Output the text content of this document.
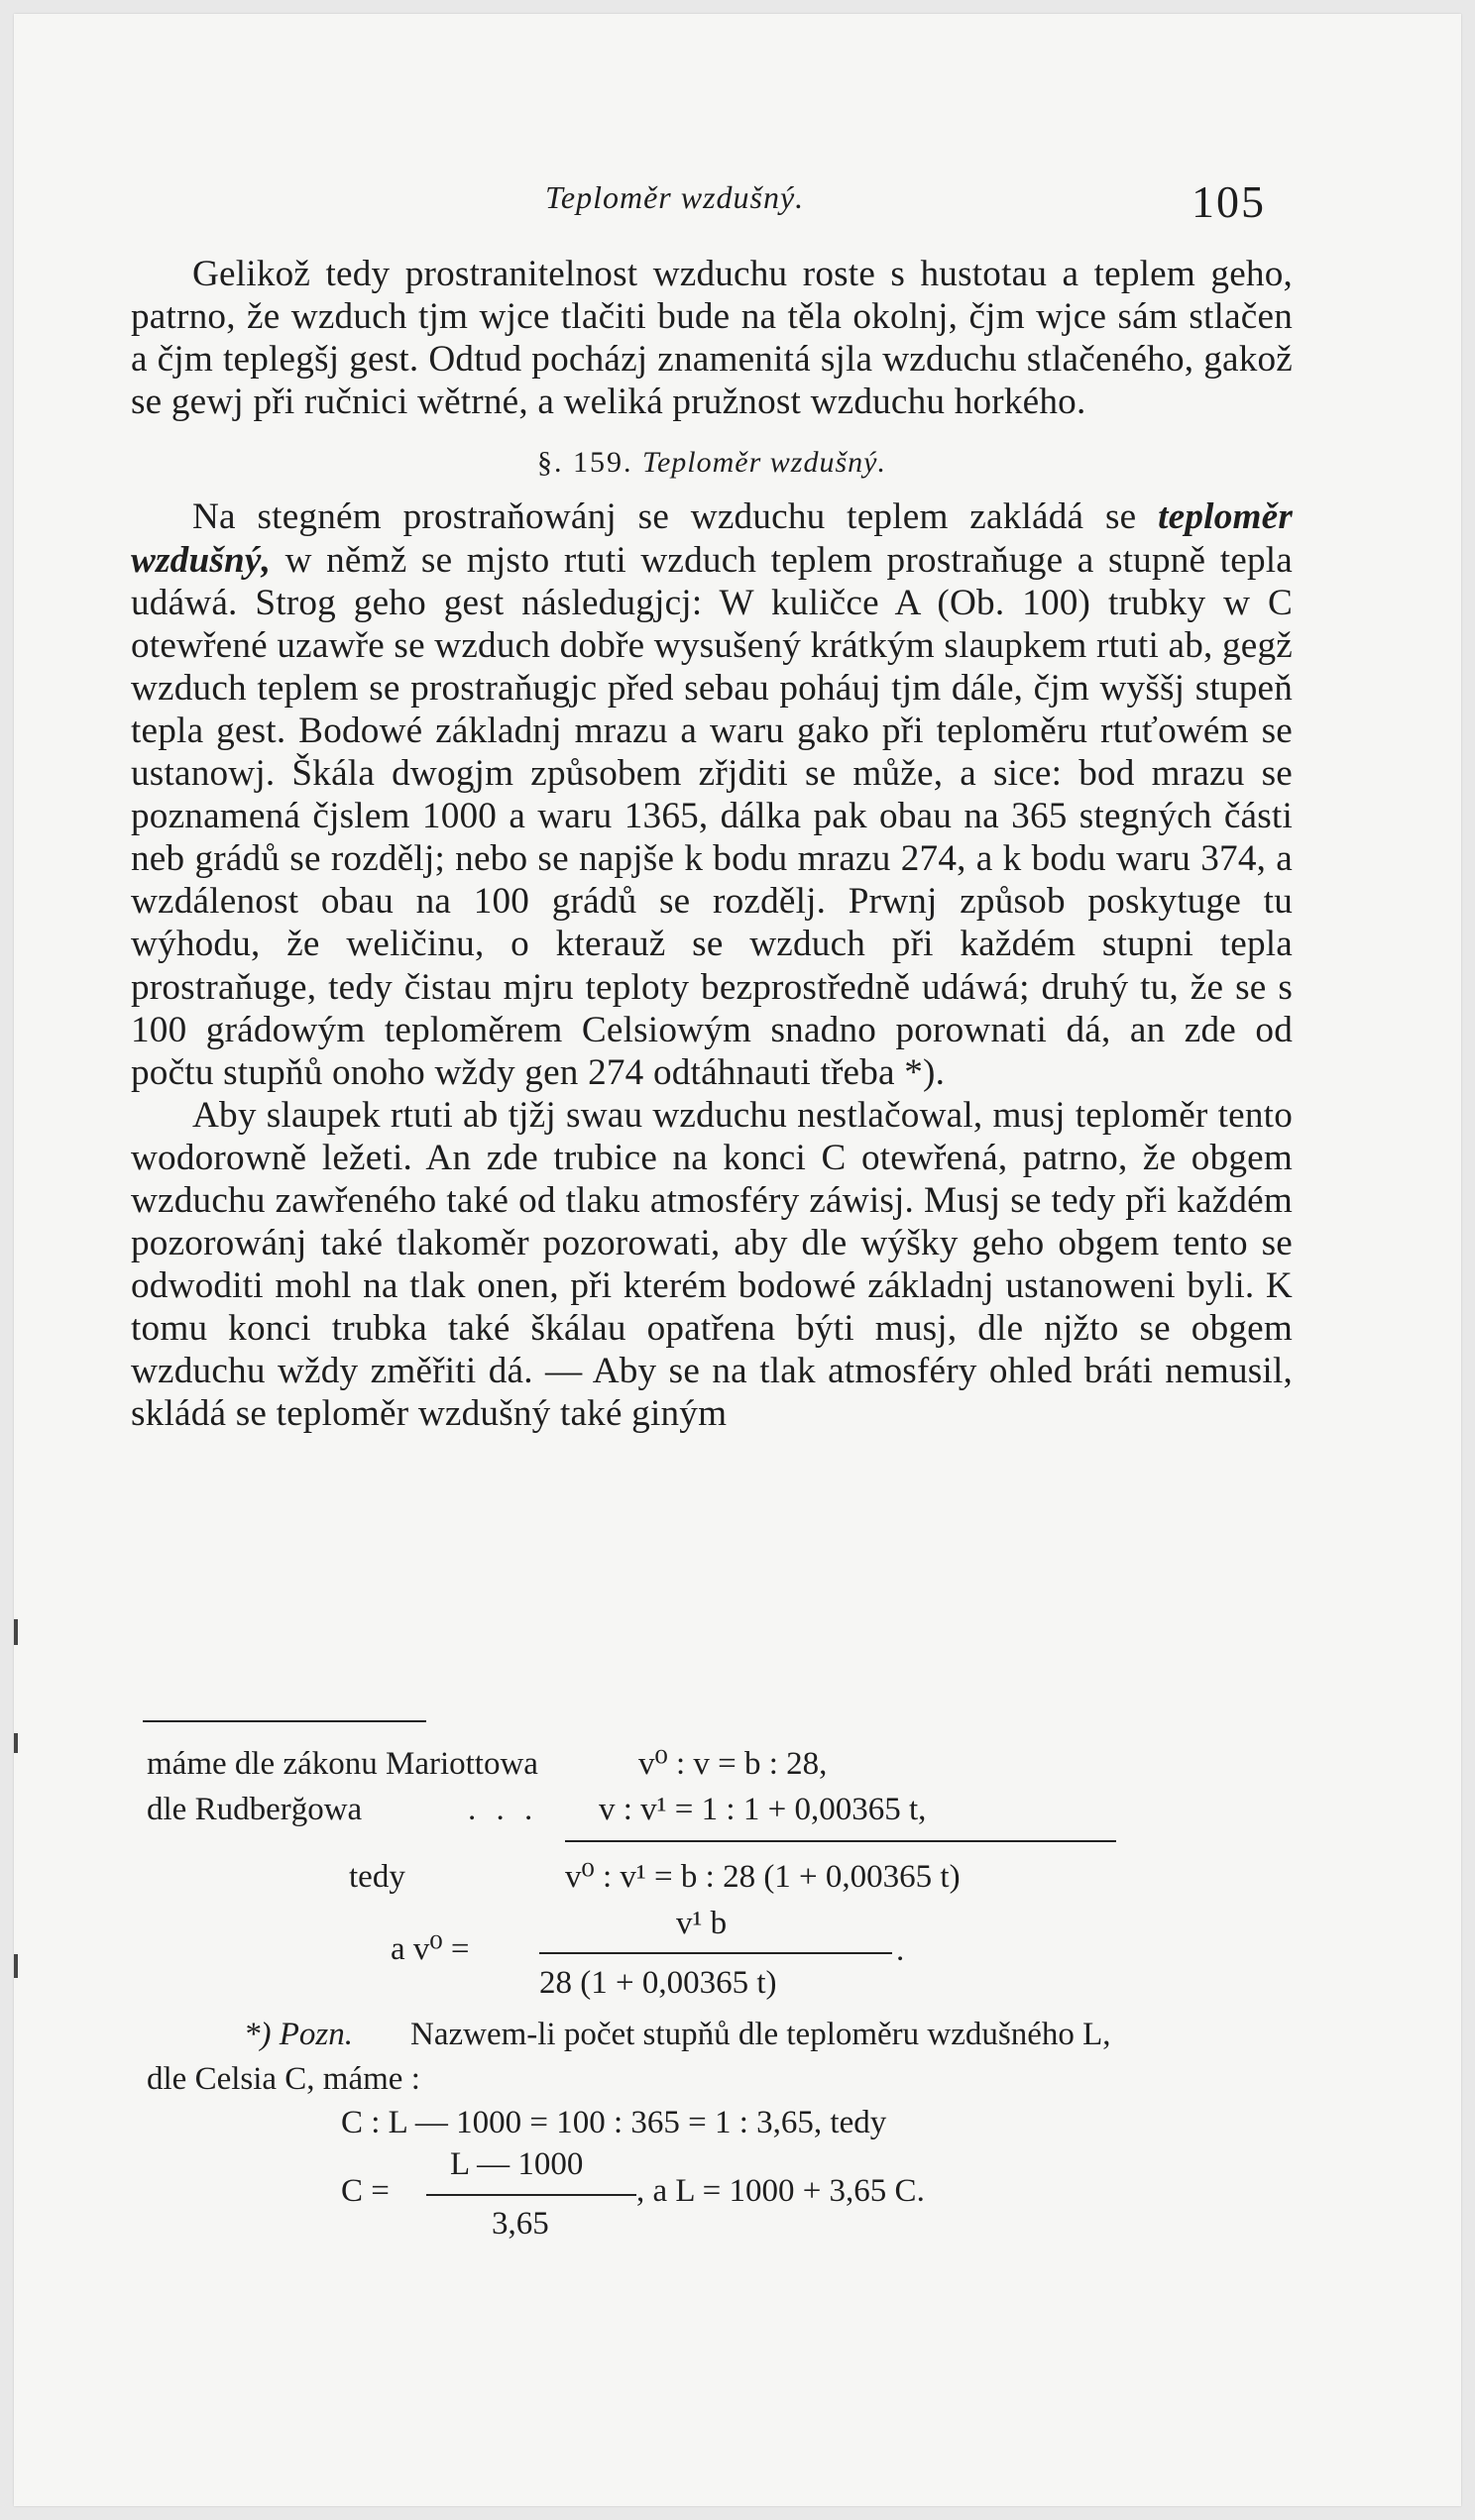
Teploměr wzdušný.	105

Gelikož tedy prostranitelnost wzduchu roste s hustotau a teplem geho, patrno, že wzduch tjm wjce tlačiti bude na těla okolnj, čjm wjce sám stlačen a čjm teplegšj gest. Odtud pocházj znamenitá sjla wzduchu stlačeného, gakož se gewj při ručnici wětrné, a weliká pružnost wzduchu horkého.

§. 159. Teploměr wzdušný.

Na stegném prostraňowánj se wzduchu teplem zakládá se teploměr wzdušný, w němž se mjsto rtuti wzduch teplem prostraňuge a stupně tepla udáwá. Strog geho gest následugjcj: W kuličce A (Ob. 100) trubky w C otewřené uzawře se wzduch dobře wysušený krátkým slaupkem rtuti ab, gegž wzduch teplem se prostraňugjc před sebau poháuj tjm dále, čjm wyššj stupeň tepla gest. Bodowé základnj mrazu a waru gako při teploměru rtuťowém se ustanowj. Škála dwogjm způsobem zřjditi se může, a sice: bod mrazu se poznamená čjslem 1000 a waru 1365, dálka pak obau na 365 stegných části neb grádů se rozdělj; nebo se napjše k bodu mrazu 274, a k bodu waru 374, a wzdálenost obau na 100 grádů se rozdělj. Prwnj způsob poskytuge tu wýhodu, že weličinu, o kterauž se wzduch při každém stupni tepla prostraňuge, tedy čistau mjru teploty bezprostředně udáwá; druhý tu, že se s 100 grádowým teploměrem Celsiowým snadno porownati dá, an zde od počtu stupňů onoho wždy gen 274 odtáhnauti třeba *).

Aby slaupek rtuti ab tjžj swau wzduchu nestlačowal, musj teploměr tento wodorowně ležeti. An zde trubice na konci C otewřená, patrno, že obgem wzduchu zawřeného také od tlaku atmosféry záwisj. Musj se tedy při každém pozorowánj také tlakoměr pozorowati, aby dle wýšky geho obgem tento se odwoditi mohl na tlak onen, při kterém bodowé základnj ustanoweni byli. K tomu konci trubka také škálau opatřena býti musj, dle njžto se obgem wzduchu wždy změřiti dá. — Aby se na tlak atmosféry ohled bráti nemusil, skládá se teploměr wzdušný také giným

máme dle zákonu Mariottowa	v⁰ : v = b : 28,
dle Rudberğowa	. . . v : v¹ = 1 : 1 + 0,00365 t,
tedy	v⁰ : v¹ = b : 28 (1 + 0,00365 t)
v¹ b
a v⁰ =	.
28 (1 + 0,00365 t)
*) Pozn. Nazwem-li počet stupňů dle teploměru wzdušného L,
dle Celsia C, máme :
C : L — 1000 = 100 : 365 = 1 : 3,65, tedy
L — 1000
C =	, a L = 1000 + 3,65 C.
3,65
